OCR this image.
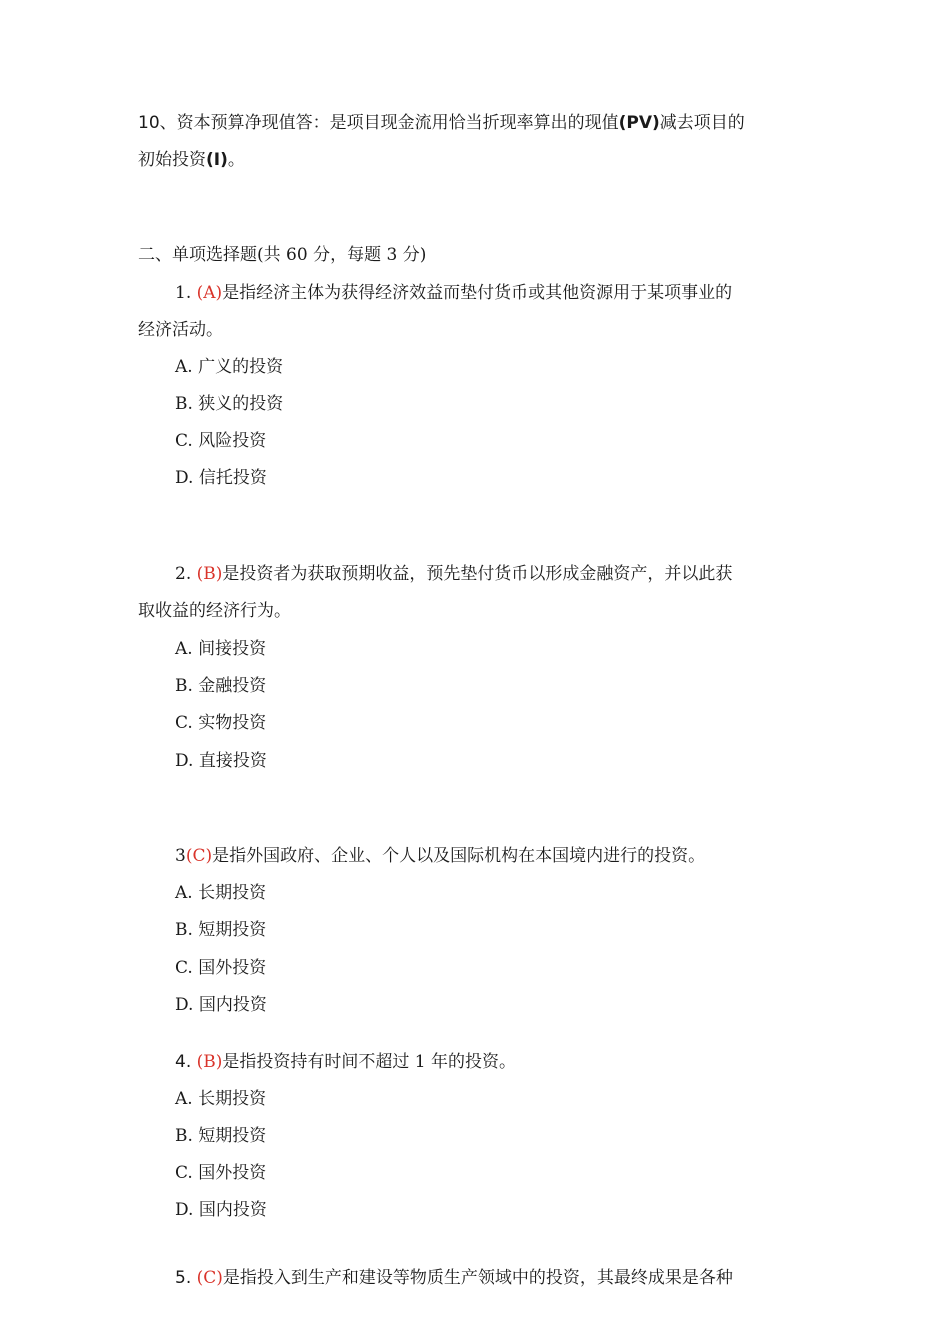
10、资本预算净现值答：是项目现金流用恰当折现率算出的现值(PV)减去项目的
初始投资(I)。
二、单项选择题(共 60 分，每题 3 分)
1. (A)是指经济主体为获得经济效益而垫付货币或其他资源用于某项事业的
经济活动。
A. 广义的投资
B. 狭义的投资
C. 风险投资
D. 信托投资
2. (B)是投资者为获取预期收益，预先垫付货币以形成金融资产，并以此获
取收益的经济行为。
A. 间接投资
B. 金融投资
C. 实物投资
D. 直接投资
3(C)是指外国政府、企业、个人以及国际机构在本国境内进行的投资。
A. 长期投资
B. 短期投资
C. 国外投资
D. 国内投资
4. (B)是指投资持有时间不超过 1 年的投资。
A. 长期投资
B. 短期投资
C. 国外投资
D. 国内投资
5. (C)是指投入到生产和建设等物质生产领域中的投资，其最终成果是各种
